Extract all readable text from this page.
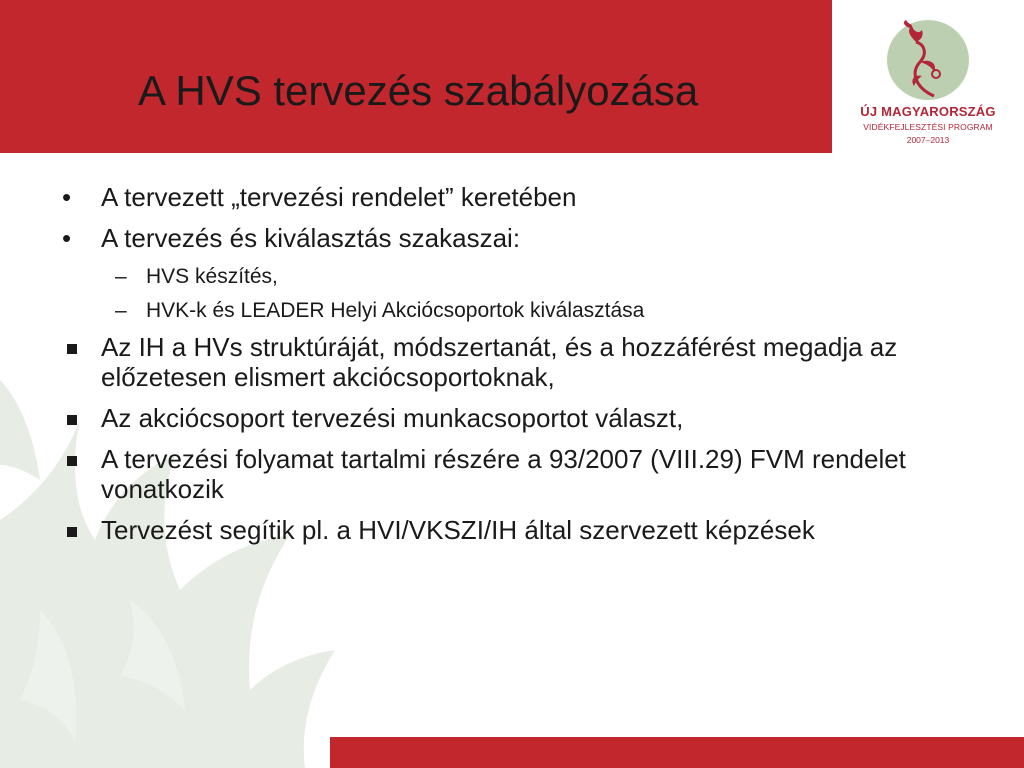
A HVS tervezés szabályozása	ÚJ MAGYARORSZÁG
VIDÉKFEJLESZTÉSI PROGRAM
2007–2013
• A tervezett „tervezési rendelet” keretében
• A tervezés és kiválasztás szakaszai:
– HVS készítés,
– HVK-k és LEADER Helyi Akciócsoportok kiválasztása
Az IH a HVs struktúráját, módszertanát, és a hozzáférést megadja az előzetesen elismert akciócsoportoknak,
Az akciócsoport tervezési munkacsoportot választ,
A tervezési folyamat tartalmi részére a 93/2007 (VIII.29) FVM rendelet vonatkozik
Tervezést segítik pl. a HVI/VKSZI/IH által szervezett képzések
